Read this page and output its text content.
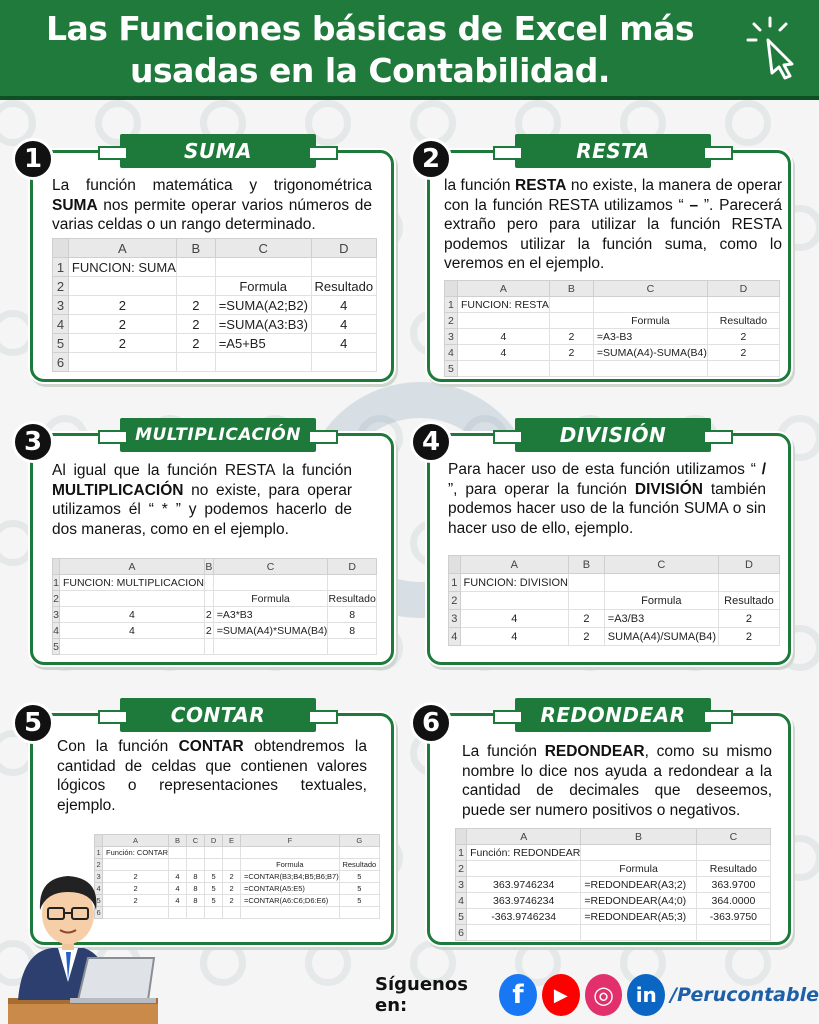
Las Funciones básicas de Excel más
usadas en la Contabilidad.
1	SUMA
La función matemática y trigonométrica SUMA nos permite operar varios números de varias celdas o un rango determinado.
	A	B	C	D
1	FUNCION: SUMA			
2			Formula	Resultado
3	2	2	=SUMA(A2;B2)	4
4	2	2	=SUMA(A3:B3)	4
5	2	2	=A5+B5	4
6				
2	RESTA
la función RESTA no existe, la manera de operar con la función RESTA utilizamos “ – ”. Parecerá extraño pero para utilizar la función RESTA podemos utilizar la función suma, como lo veremos en el ejemplo.
	A	B	C	D
1	FUNCION: RESTA			
2			Formula	Resultado
3	4	2	=A3-B3	2
4	4	2	=SUMA(A4)-SUMA(B4)	2
5				
3	MULTIPLICACIÓN
Al igual que la función RESTA la función MULTIPLICACIÓN no existe, para operar utilizamos él “ * ” y podemos hacerlo de dos maneras, como en el ejemplo.
	A	B	C	D
1	FUNCION: MULTIPLICACION			
2			Formula	Resultado
3	4	2	=A3*B3	8
4	4	2	=SUMA(A4)*SUMA(B4)	8
5				
4	DIVISIÓN
Para hacer uso de esta función utilizamos “ / ”, para operar la función DIVISIÓN también podemos hacer uso de la función SUMA o sin hacer uso de ello, ejemplo.
	A	B	C	D
1	FUNCION: DIVISION			
2			Formula	Resultado
3	4	2	=A3/B3	2
4	4	2	SUMA(A4)/SUMA(B4)	2
5	CONTAR
Con la función CONTAR obtendremos la cantidad de celdas que contienen valores lógicos o representaciones textuales, ejemplo.
	A	B	C	D	E	F	G
1	Función: CONTAR						
2						Formula	Resultado
3	2	4	8	5	2	=CONTAR(B3;B4;B5;B6;B7)	5
4	2	4	8	5	2	=CONTAR(A5:E5)	5
5	2	4	8	5	2	=CONTAR(A6:C6;D6:E6)	5
6							
6	REDONDEAR
La función REDONDEAR, como su mismo nombre lo dice nos ayuda a redondear a la cantidad de decimales que deseemos, puede ser numero positivos o negativos.
	A	B	C
1	Función: REDONDEAR		
2		Formula	Resultado
3	363.9746234	=REDONDEAR(A3;2)	363.9700
4	363.9746234	=REDONDEAR(A4;0)	364.0000
5	-363.9746234	=REDONDEAR(A5;3)	-363.9750
6			
Síguenos en:	f ▶ ◎ in /Perucontable
